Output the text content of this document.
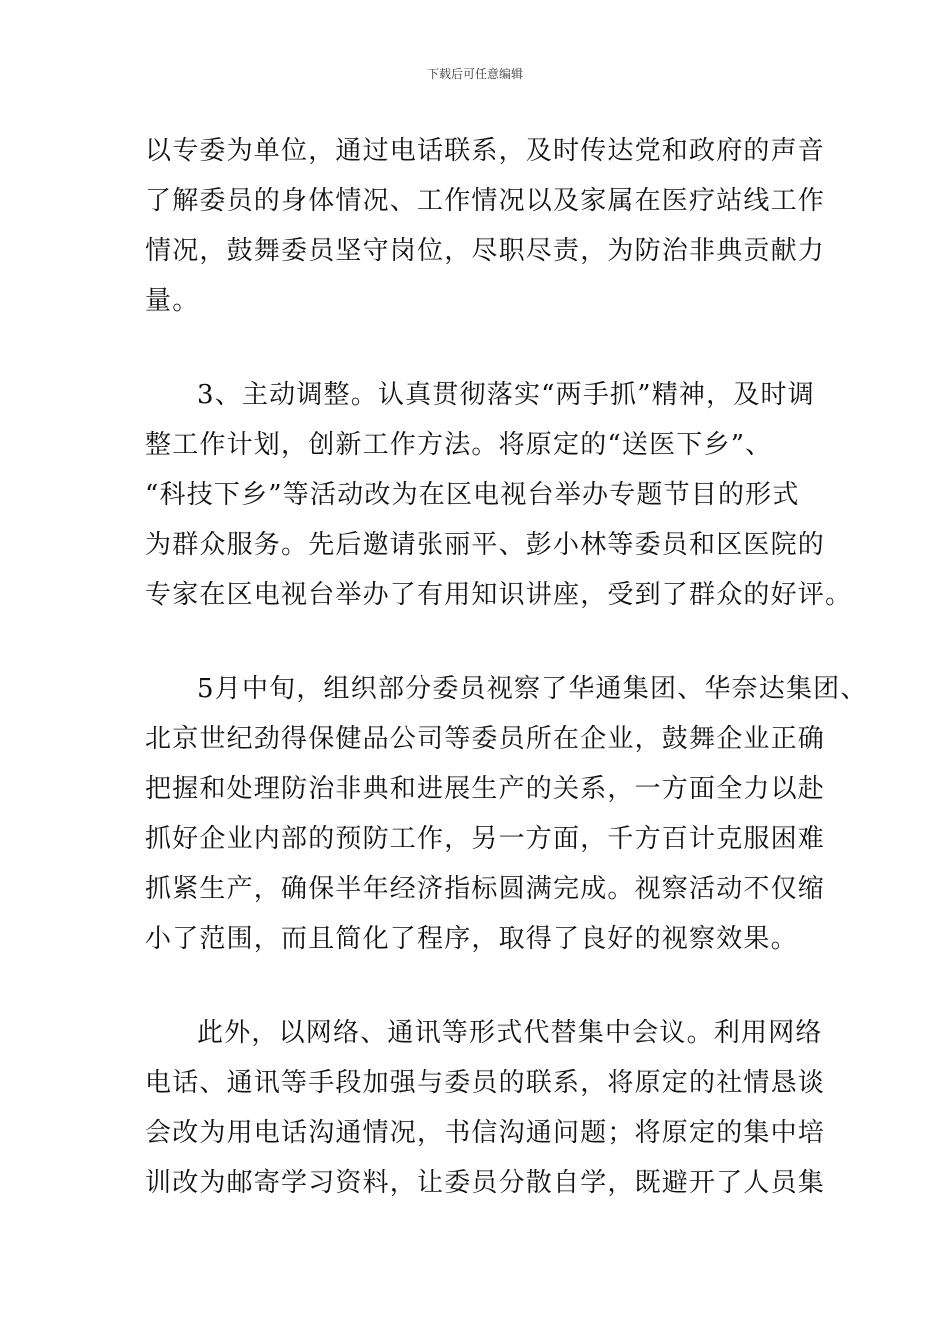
下载后可任意编辑

以专委为单位，通过电话联系，及时传达党和政府的声音
了解委员的身体情况、工作情况以及家属在医疗站线工作
情况，鼓舞委员坚守岗位，尽职尽责，为防治非典贡献力
量。

3、主动调整。认真贯彻落实“两手抓”精神，及时调
整工作计划，创新工作方法。将原定的“送医下乡”、
“科技下乡”等活动改为在区电视台举办专题节目的形式
为群众服务。先后邀请张丽平、彭小林等委员和区医院的
专家在区电视台举办了有用知识讲座，受到了群众的好评。

5月中旬，组织部分委员视察了华通集团、华奈达集团、
北京世纪劲得保健品公司等委员所在企业，鼓舞企业正确
把握和处理防治非典和进展生产的关系，一方面全力以赴
抓好企业内部的预防工作，另一方面，千方百计克服困难
抓紧生产，确保半年经济指标圆满完成。视察活动不仅缩
小了范围，而且简化了程序，取得了良好的视察效果。

此外，以网络、通讯等形式代替集中会议。利用网络
电话、通讯等手段加强与委员的联系，将原定的社情恳谈
会改为用电话沟通情况，书信沟通问题；将原定的集中培
训改为邮寄学习资料，让委员分散自学，既避开了人员集
